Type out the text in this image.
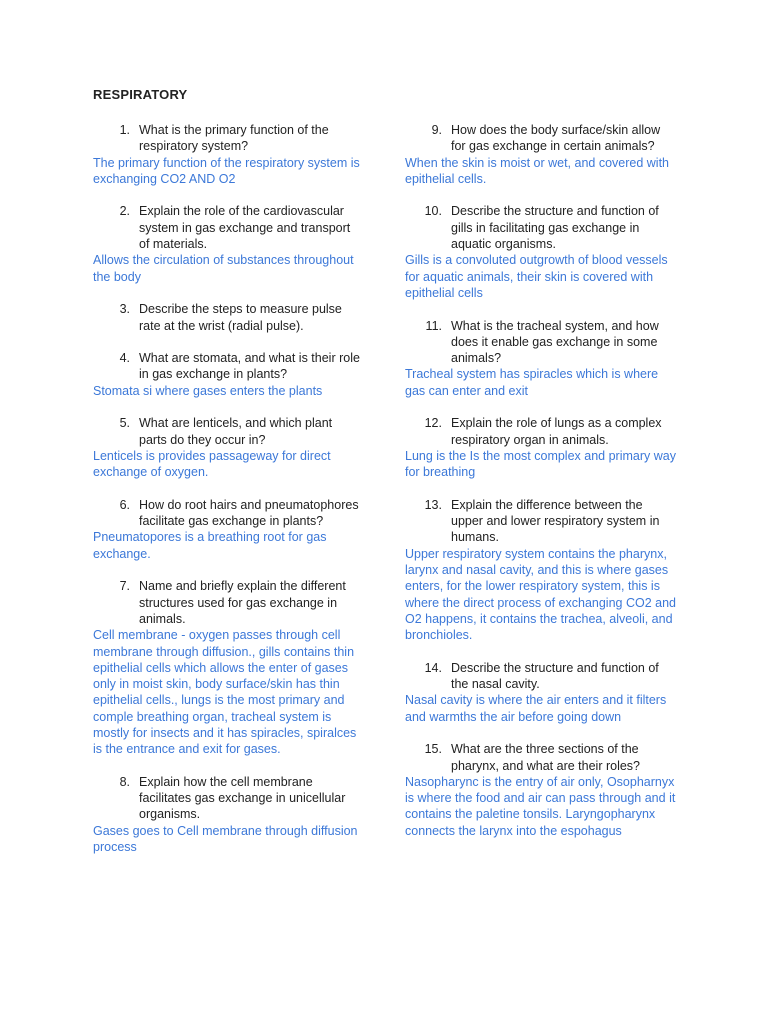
RESPIRATORY
1. What is the primary function of the respiratory system?
The primary function of the respiratory system is exchanging CO2 AND O2
2. Explain the role of the cardiovascular system in gas exchange and transport of materials.
Allows the circulation of substances throughout the body
3. Describe the steps to measure pulse rate at the wrist (radial pulse).
4. What are stomata, and what is their role in gas exchange in plants?
Stomata si where gases enters the plants
5. What are lenticels, and which plant parts do they occur in?
Lenticels is provides passageway for direct exchange of oxygen.
6. How do root hairs and pneumatophores facilitate gas exchange in plants?
Pneumatopores is a breathing root for gas exchange.
7. Name and briefly explain the different structures used for gas exchange in animals.
Cell membrane - oxygen passes through cell membrane through diffusion., gills contains thin epithelial cells which allows the enter of gases only in moist skin, body surface/skin has thin epithelial cells., lungs is the most primary and comple breathing organ, tracheal system is mostly for insects and it has spiracles, spiralces is the entrance and exit for gases.
8. Explain how the cell membrane facilitates gas exchange in unicellular organisms.
Gases goes to Cell membrane through diffusion process
9. How does the body surface/skin allow for gas exchange in certain animals?
When the skin is moist or wet, and covered with epithelial cells.
10. Describe the structure and function of gills in facilitating gas exchange in aquatic organisms.
Gills is a convoluted outgrowth of blood vessels for aquatic animals, their skin is covered with epithelial cells
11. What is the tracheal system, and how does it enable gas exchange in some animals?
Tracheal system has spiracles which is where gas can enter and exit
12. Explain the role of lungs as a complex respiratory organ in animals.
Lung is the Is the most complex and primary way for breathing
13. Explain the difference between the upper and lower respiratory system in humans.
Upper respiratory system contains the pharynx, larynx and nasal cavity, and this is where gases enters, for the lower respiratory system, this is where the direct process of exchanging CO2 and O2 happens, it contains the trachea, alveoli, and bronchioles.
14. Describe the structure and function of the nasal cavity.
Nasal cavity is where the air enters and it filters and warmths the air before going down
15. What are the three sections of the pharynx, and what are their roles?
Nasopharync is the entry of air only, Osopharnyx is where the food and air can pass through and it contains the paletine tonsils. Laryngopharynx connects the larynx into the espohagus
